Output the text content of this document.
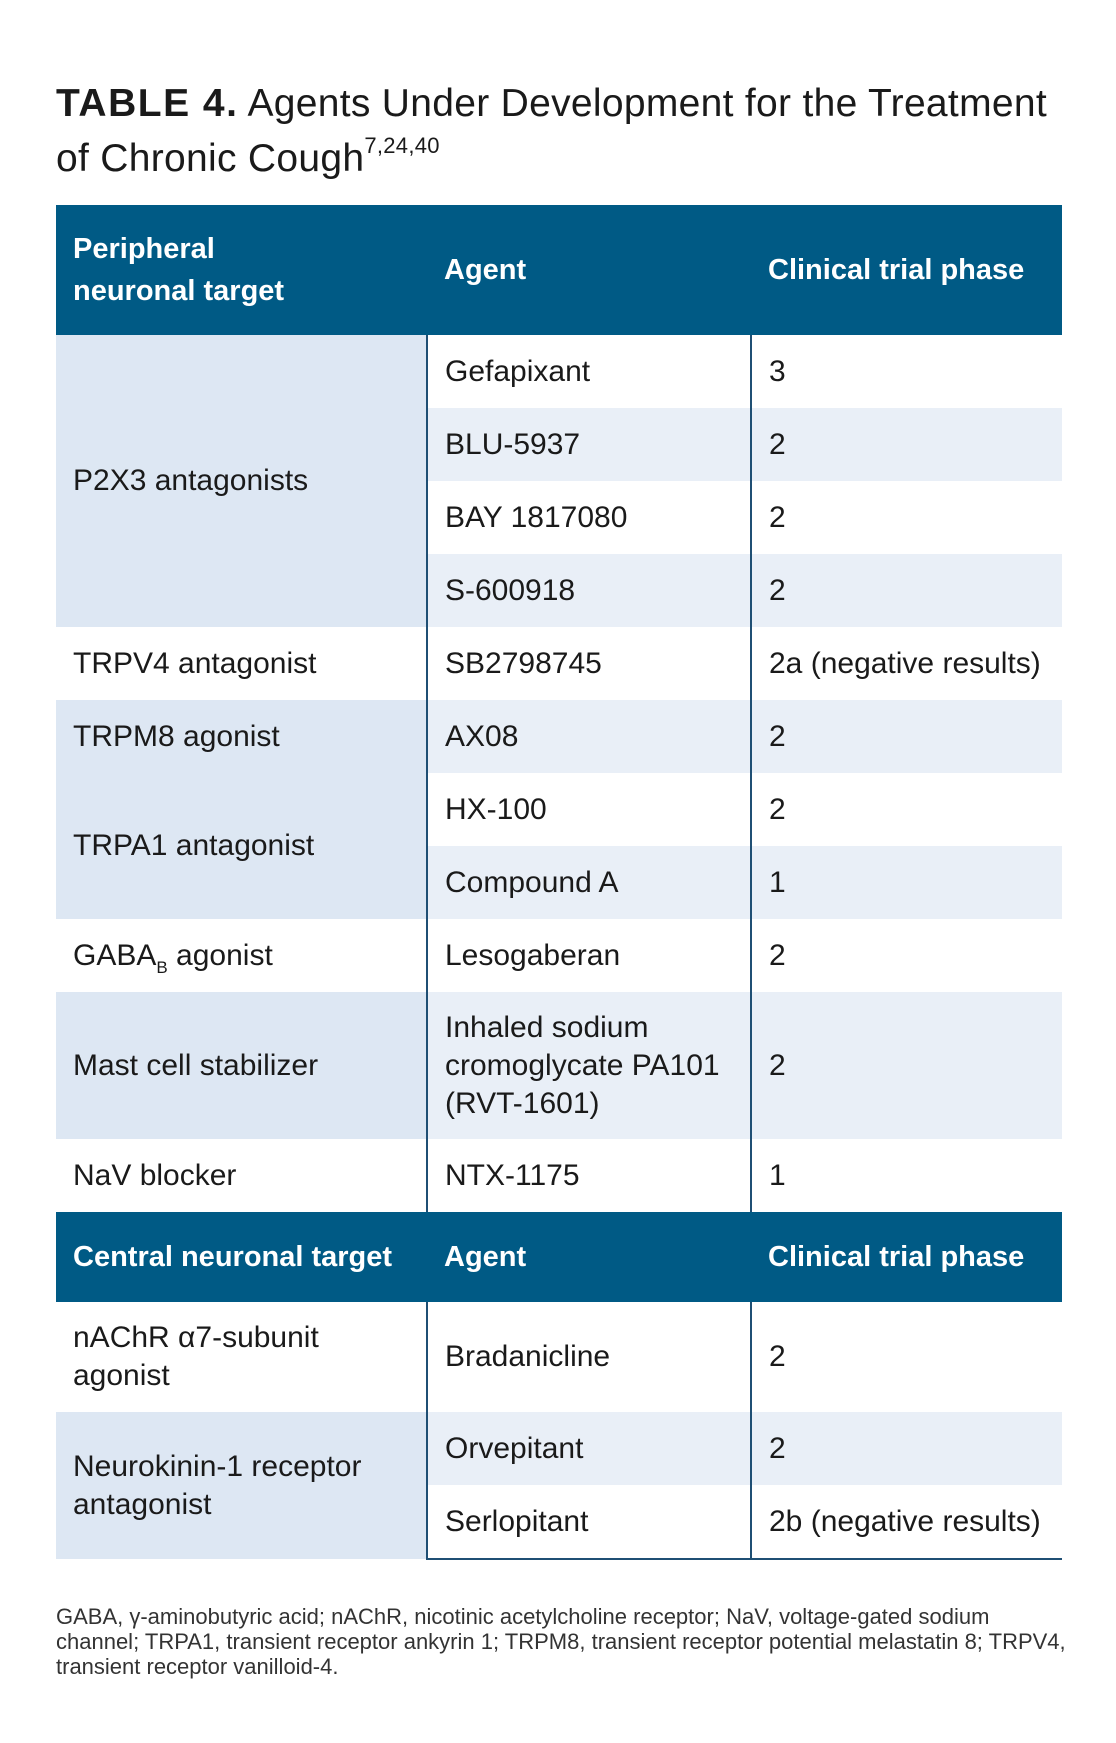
TABLE 4. Agents Under Development for the Treatment of Chronic Cough$^{7,24,40}$
Peripheral neuronal target	Agent	Clinical trial phase
P2X3 antagonists	Gefapixant	3
	BLU-5937	2
	BAY 1817080	2
	S-600918	2
TRPV4 antagonist	SB2798745	2a (negative results)
TRPM8 agonist	AX08	2
TRPA1 antagonist	HX-100	2
	Compound A	1
$GABA_B$ agonist	Lesogaberan	2
Mast cell stabilizer	Inhaled sodium cromoglycate PA101 (RVT-1601)	2
NaV blocker	NTX-1175	1
Central neuronal target	Agent	Clinical trial phase
nAChR α7-subunit agonist	Bradanicline	2
Neurokinin-1 receptor antagonist	Orvepitant	2
	Serlopitant	2b (negative results)
GABA, γ-aminobutyric acid; nAChR, nicotinic acetylcholine receptor; NaV, voltage-gated sodium channel; TRPA1, transient receptor ankyrin 1; TRPM8, transient receptor potential melastatin 8; TRPV4, transient receptor vanilloid-4.
